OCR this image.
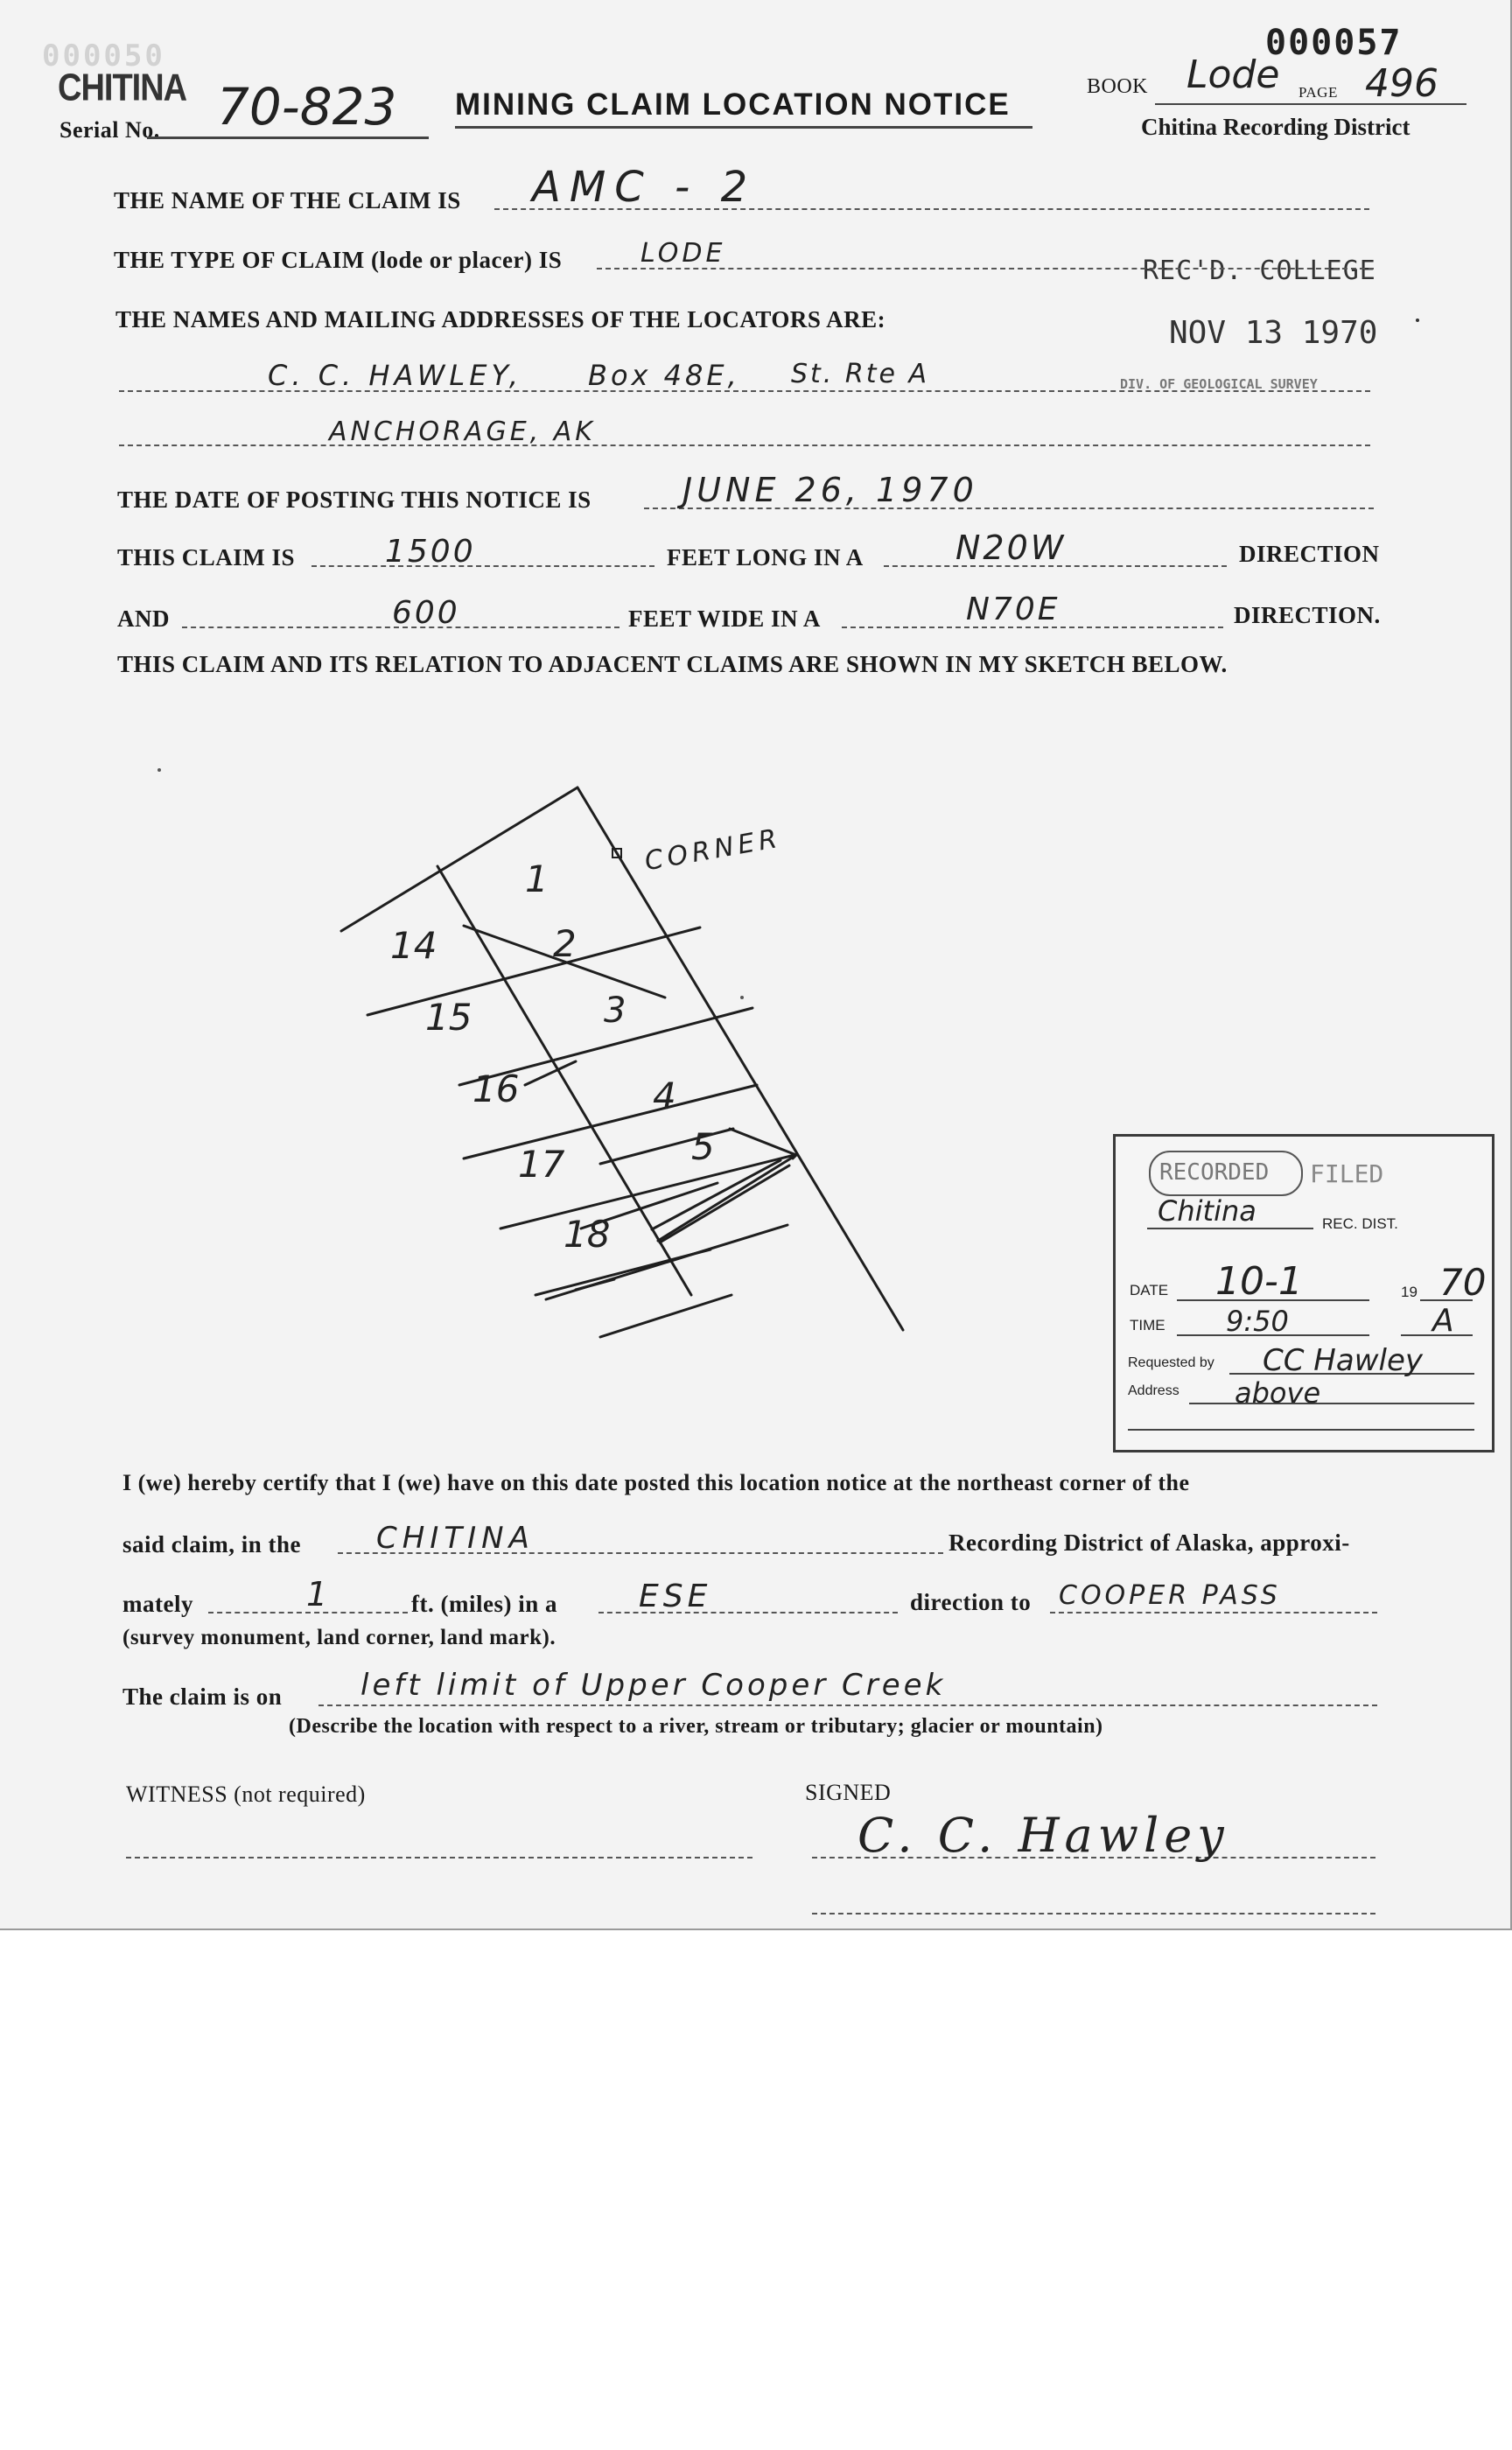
000057
000050
CHITINA
Serial No. 70-823 MINING CLAIM LOCATION NOTICE
BOOK Lode PAGE 496
Chitina Recording District
REC'D. COLLEGE
NOV 13 1970
DIV. OF GEOLOGICAL SURVEY
THE NAME OF THE CLAIM IS AMC - 2
THE TYPE OF CLAIM (lode or placer) IS	LODE
THE NAMES AND MAILING ADDRESSES OF THE LOCATORS ARE:
C. C. HAWLEY, Box 48E, St. Rte A
ANCHORAGE, AK
THE DATE OF POSTING THIS NOTICE IS	JUNE 26, 1970
THIS CLAIM IS	1500	FEET LONG IN A	N20W	DIRECTION
AND	600	FEET WIDE IN A	N70E	DIRECTION.
THIS CLAIM AND ITS RELATION TO ADJACENT CLAIMS ARE SHOWN IN MY SKETCH BELOW.
CORNER
14
15
16
17
18
1
2
3
4
5
RECORDED FILED
Chitina	REC. DIST.
DATE 10-1	19 70
TIME 9:50	A
Requested by CC Hawley
Address above
I (we) hereby certify that I (we) have on this date posted this location notice at the northeast corner of the
said claim, in the	CHITINA	Recording District of Alaska, approxi-
mately	1	ft. (miles) in a	ESE	direction to COOPER PASS
(survey monument, land corner, land mark).
The claim is on	left limit of Upper Cooper Creek
(Describe the location with respect to a river, stream or tributary; glacier or mountain)
WITNESS (not required)	SIGNED
C. C. Hawley
